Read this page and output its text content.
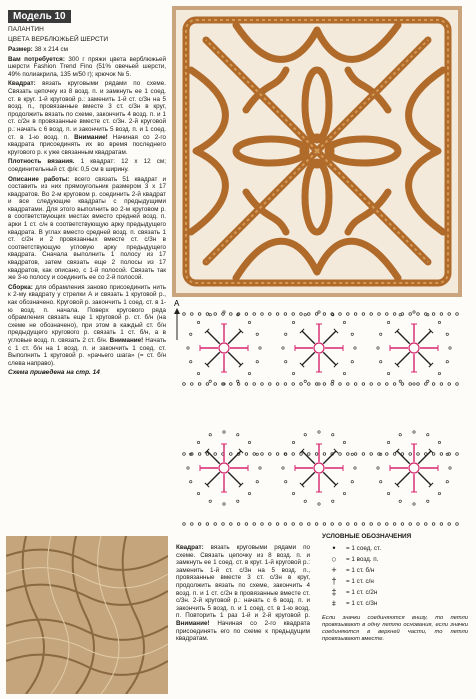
Модель 10
ПАЛАНТИН
ЦВЕТА ВЕРБЛЮЖЬЕЙ ШЕРСТИ
Размер: 38 х 214 см
Вам потребуется: 300 г пряжи цвета верблюжьей шерсти Fashion Trend Fino (51% овечьей шерсти, 49% полиакрила, 135 м/50 г); крючок № 5.
Квадрат: вязать круговыми рядами по схеме. Связать цепочку из 8 возд. п. и замкнуть ее 1 соед. ст. в круг. 1-й круговой р.: заменить 1-й ст. с/3н на 5 возд. п., провязанные вместе 3 ст. с/3н в круг, продолжить вязать по схеме, закончить 4 возд. п. и 1 ст. с/2н в провязанные вместе ст. с/3н. 2-й круговой р.: начать с 6 возд. п. и закончить 5 возд. п. и 1 соед. ст. в 1-ю возд. п. Внимание! Начиная со 2-го квадрата присоединять их во время последнего кругового р. к уже связанным квадратам.
Плотность вязания. 1 квадрат: 12 х 12 см; соединительный ст. ф/к: 0,5 см в ширину.
Описание работы: всего связать 51 квадрат и составить из них прямоугольник размером 3 х 17 квадратов. Во 2-м круговом р. соединить 2-й квадрат и все следующие квадраты с предыдущими квадратами. Для этого выполнить во 2-м круговом р. в соответствующих местах вместо средней возд. п. арки 1 ст. с/н в соответствующую арку предыдущего квадрата. В углах вместо средней возд. п. связать 1 ст. с/2н и 2 провязанных вместе ст. с/3н в соответствующую угловую арку предыдущего квадрата. Сначала выполнить 1 полосу из 17 квадратов, затем связать еще 2 полосы из 17 квадратов, как описано, с 1-й полосой. Связать так же 3-ю полосу и соединить ее со 2-й полосой.
Сборка: для обрамления заново присоединить нить к 2-му квадрату у стрелки А и связать 1 круговой р., как обозначено. Круговой р. закончить 1 соед. ст. в 1-ю возд. п. начала. Поверх кругового ряда обрамления связать еще 1 круговой р. ст. б/н (на схеме не обозначено), при этом в каждый ст. б/н предыдущего кругового р. связать 1 ст. б/н, а в угловые возд. п. связать 2 ст. б/н. Внимание! Начать с 1 ст. б/н на 1 возд. п. и закончить 1 соед. ст. Выполнить 1 круговой р. «рачьего шага» (= ст. б/н слева направо).
Схема приведена на стр. 14
A
Квадрат: вязать круговыми рядами по схеме. Связать цепочку из 8 возд. п. и замкнуть ее 1 соед. ст. в круг. 1-й круговой р.: заменить 1-й ст. с/3н на 5 возд. п., провязанные вместе 3 ст. с/3н в круг, продолжить вязать по схеме, закончить 4 возд. п. и 1 ст. с/2н в провязанные вместе ст. с/3н. 2-й круговой р.: начать с 6 возд. п. и закончить 5 возд. п. и 1 соед. ст. в 1-ю возд. п. Повторить 1 раз 1-й и 2-й круговой р. Внимание! Начиная со 2-го квадрата присоединять его по схеме к предыдущим квадратам.
УСЛОВНЫЕ ОБОЗНАЧЕНИЯ
•	= 1 соед. ст.
○	= 1 возд. п.
+	= 1 ст. б/н
†	= 1 ст. с/н
‡	= 1 ст. с/2н
⧧	= 1 ст. с/3н
Если значки соединяются внизу, то петли провязывают в одну петлю основания, если значки соединяются в верхней части, то петли провязывают вместе.
